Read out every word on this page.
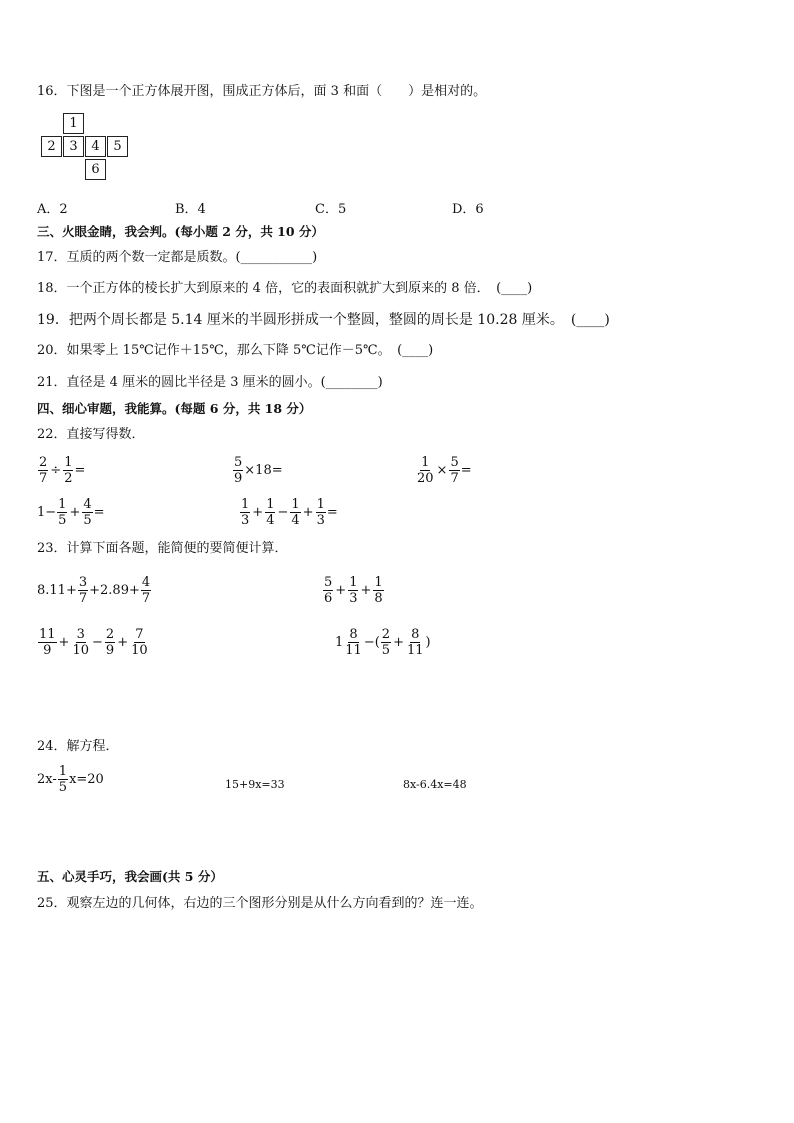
16．下图是一个正方体展开图，围成正方体后，面 3 和面（　　）是相对的。
1
2	3	4	5
6
A．2	B．4	C．5	D．6
三、火眼金睛，我会判。(每小题 2 分，共 10 分）
17．互质的两个数一定都是质数。(___________)
18．一个正方体的棱长扩大到原来的 4 倍，它的表面积就扩大到原来的 8 倍．　(____)
19．把两个周长都是 5.14 厘米的半圆形拼成一个整圆，整圆的周长是 10.28 厘米。　(____)
20．如果零上 15℃记作＋15℃，那么下降 5℃记作－5℃。　(____)
21．直径是 4 厘米的圆比半径是 3 厘米的圆小。(________)
四、细心审题，我能算。(每题 6 分，共 18 分）
22．直接写得数．
$\frac{2}{7} \div \frac{1}{2}$ =	$\frac{5}{9} \times 18=$	$\frac{1}{20} \times \frac{5}{7}$ =
$1- \frac{1}{5} + \frac{4}{5}$ =	$\frac{1}{3} + \frac{1}{4} - \frac{1}{4} + \frac{1}{3}$ =
23．计算下面各题，能简便的要简便计算．
$8.11+ \frac{3}{7} +2.89+ \frac{4}{7}$	$\frac{5}{6} + \frac{1}{3} + \frac{1}{8}$
$\frac{11}{9} + \frac{3}{10} - \frac{2}{9} + \frac{7}{10}$	$1 \frac{8}{11}$ −( $\frac{2}{5} + \frac{8}{11}$ )
24．解方程．
$2x- \frac{1}{5} x=20$	15+9x=33	8x-6.4x=48
五、心灵手巧，我会画(共 5 分）
25．观察左边的几何体，右边的三个图形分别是从什么方向看到的？连一连。
